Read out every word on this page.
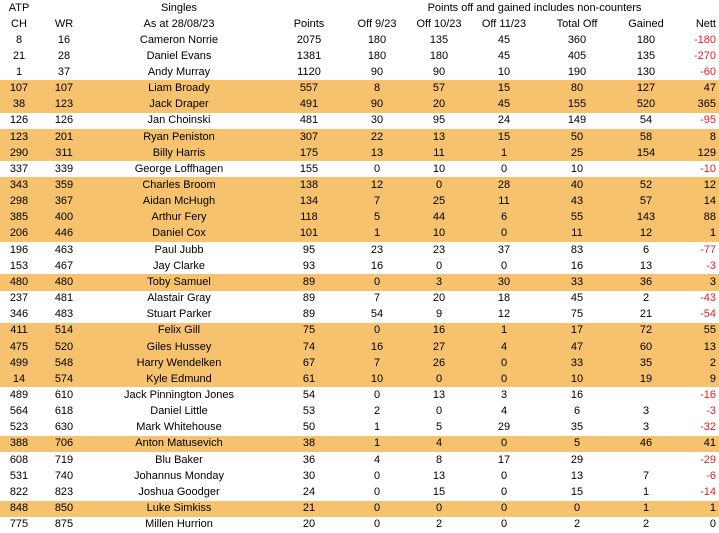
ATP		Singles		Points off and gained includes non-counters					
CH	WR	As at 28/08/23	Points	Off 9/23	Off 10/23	Off 11/23	Total Off	Gained	Nett
8	16	Cameron Norrie	2075	180	135	45	360	180	-180
21	28	Daniel Evans	1381	180	180	45	405	135	-270
1	37	Andy Murray	1120	90	90	10	190	130	-60
107	107	Liam Broady	557	8	57	15	80	127	47
38	123	Jack Draper	491	90	20	45	155	520	365
126	126	Jan Choinski	481	30	95	24	149	54	-95
123	201	Ryan Peniston	307	22	13	15	50	58	8
290	311	Billy Harris	175	13	11	1	25	154	129
337	339	George Loffhagen	155	0	10	0	10		-10
343	359	Charles Broom	138	12	0	28	40	52	12
298	367	Aidan McHugh	134	7	25	11	43	57	14
385	400	Arthur Fery	118	5	44	6	55	143	88
206	446	Daniel Cox	101	1	10	0	11	12	1
196	463	Paul Jubb	95	23	23	37	83	6	-77
153	467	Jay Clarke	93	16	0	0	16	13	-3
480	480	Toby Samuel	89	0	3	30	33	36	3
237	481	Alastair Gray	89	7	20	18	45	2	-43
346	483	Stuart Parker	89	54	9	12	75	21	-54
411	514	Felix Gill	75	0	16	1	17	72	55
475	520	Giles Hussey	74	16	27	4	47	60	13
499	548	Harry Wendelken	67	7	26	0	33	35	2
14	574	Kyle Edmund	61	10	0	0	10	19	9
489	610	Jack Pinnington Jones	54	0	13	3	16		-16
564	618	Daniel Little	53	2	0	4	6	3	-3
523	630	Mark Whitehouse	50	1	5	29	35	3	-32
388	706	Anton Matusevich	38	1	4	0	5	46	41
608	719	Blu Baker	36	4	8	17	29		-29
531	740	Johannus Monday	30	0	13	0	13	7	-6
822	823	Joshua Goodger	24	0	15	0	15	1	-14
848	850	Luke Simkiss	21	0	0	0	0	1	1
775	875	Millen Hurrion	20	0	2	0	2	2	0
